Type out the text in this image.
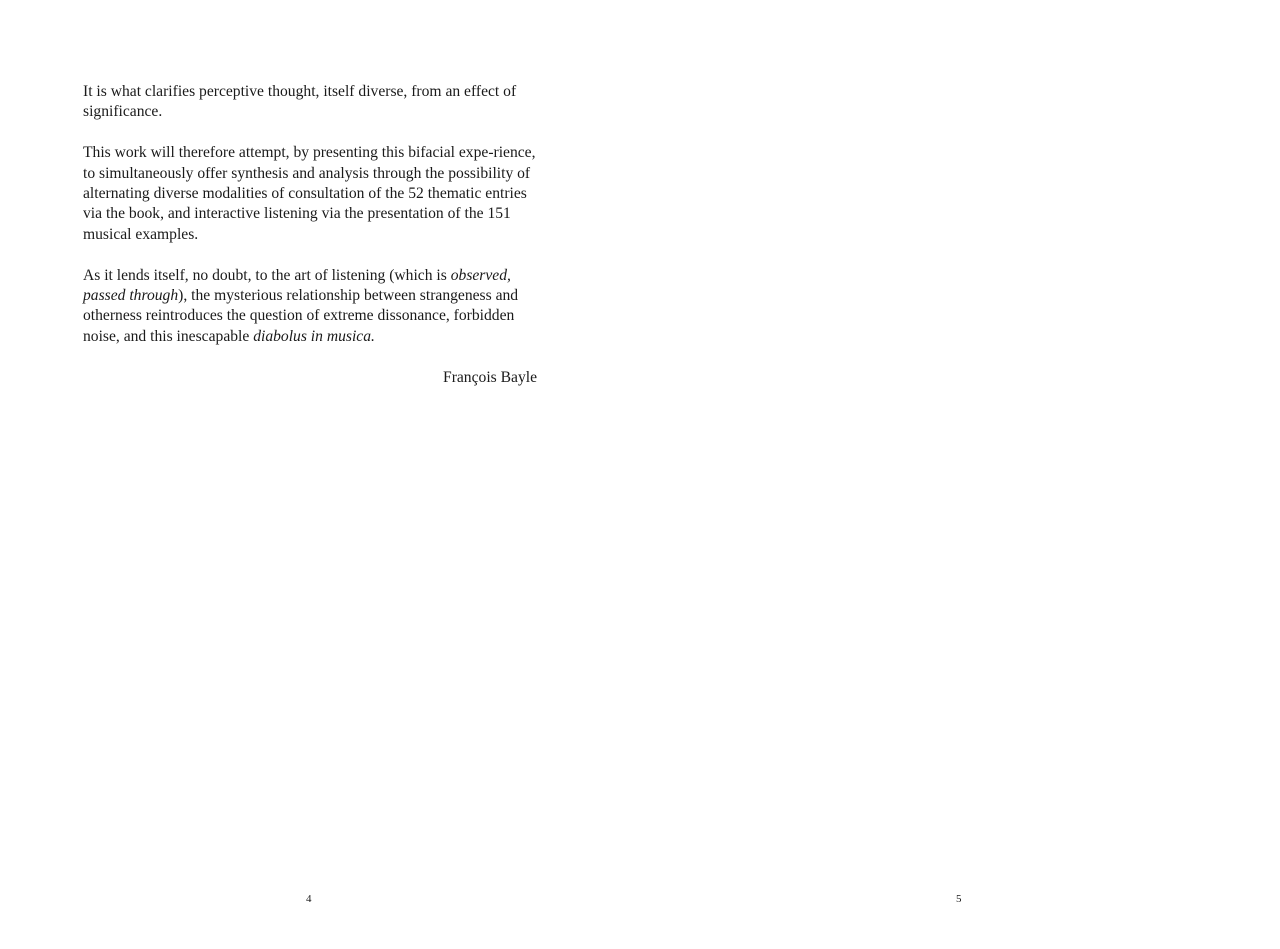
It is what clarifies perceptive thought, itself diverse, from an effect of significance.

This work will therefore attempt, by presenting this bifacial expe-rience, to simultaneously offer synthesis and analysis through the possibility of alternating diverse modalities of consultation of the 52 thematic entries via the book, and interactive listening via the presentation of the 151 musical examples.

As it lends itself, no doubt, to the art of listening (which is observed, passed through), the mysterious relationship between strangeness and otherness reintroduces the question of extreme dissonance, forbidden noise, and this inescapable diabolus in musica.

François Bayle

4	5
